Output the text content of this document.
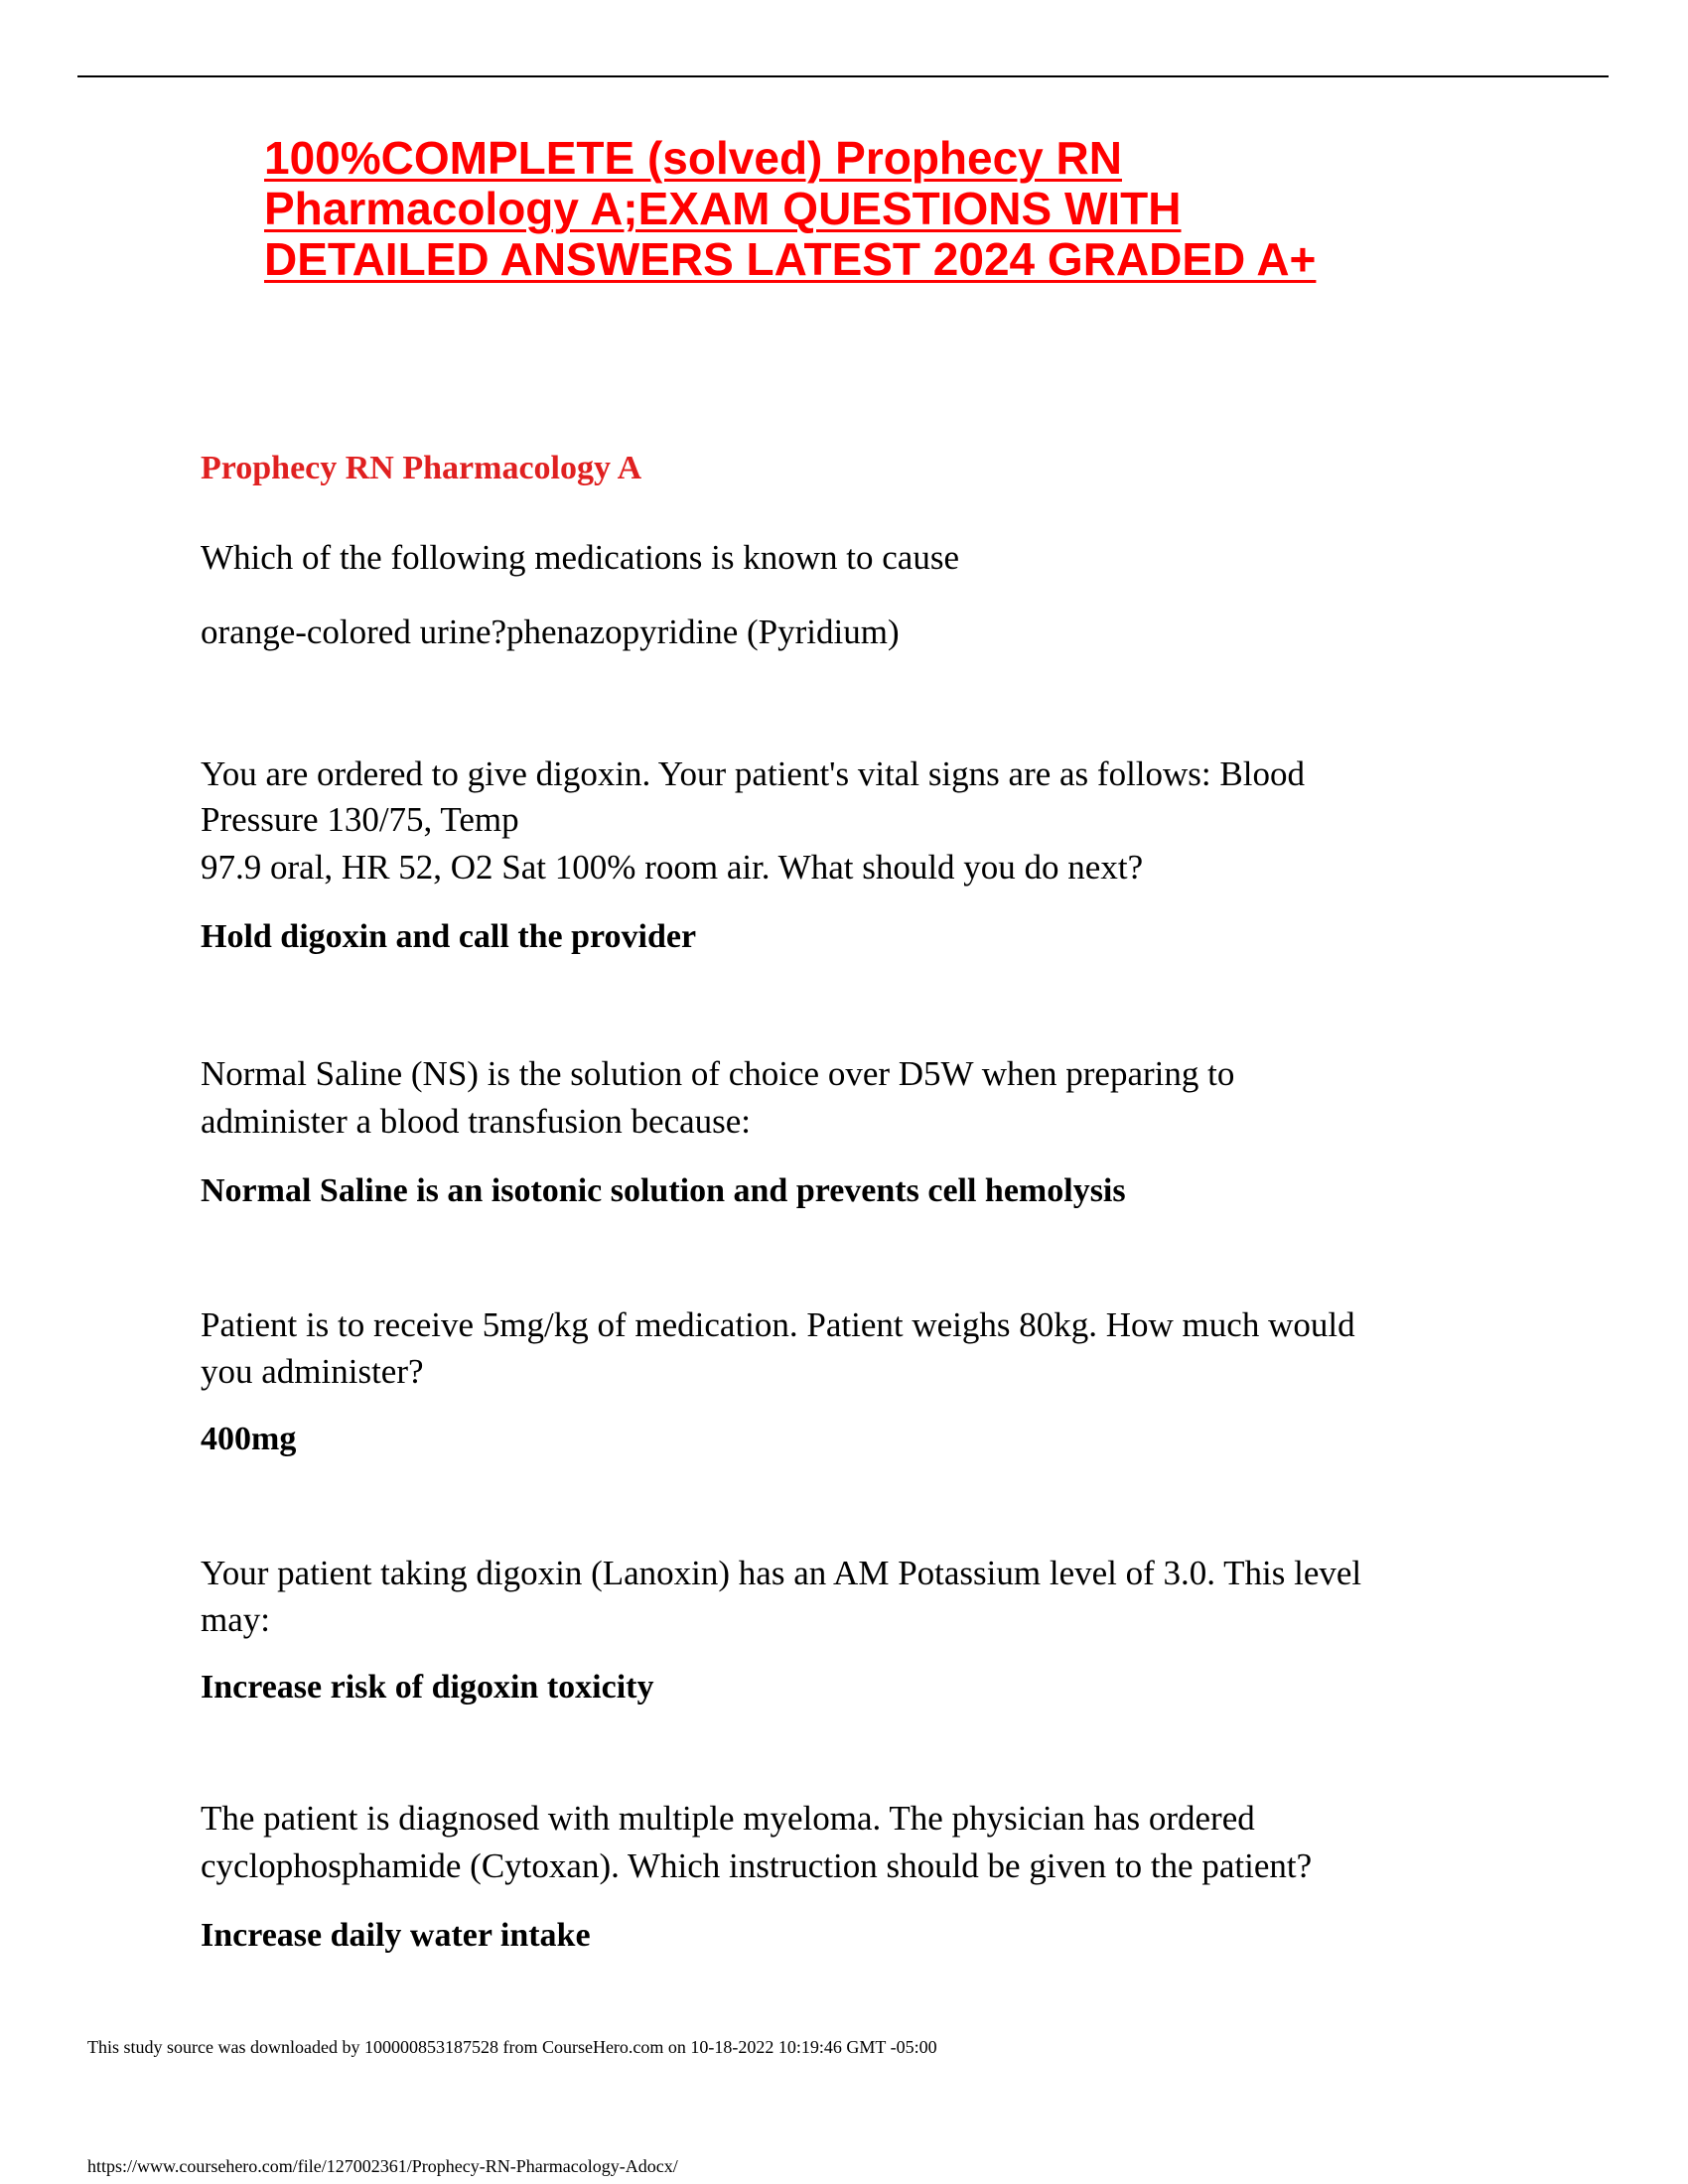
100%COMPLETE (solved) Prophecy RN
Pharmacology A;EXAM QUESTIONS WITH
DETAILED ANSWERS LATEST 2024 GRADED A+
Prophecy RN Pharmacology A

Which of the following medications is known to cause

orange-colored urine?phenazopyridine (Pyridium)

You are ordered to give digoxin. Your patient's vital signs are as follows: Blood

Pressure 130/75, Temp

97.9 oral, HR 52, O2 Sat 100% room air. What should you do next?

Hold digoxin and call the provider

Normal Saline (NS) is the solution of choice over D5W when preparing to

administer a blood transfusion because:

Normal Saline is an isotonic solution and prevents cell hemolysis

Patient is to receive 5mg/kg of medication. Patient weighs 80kg. How much would

you administer?

400mg

Your patient taking digoxin (Lanoxin) has an AM Potassium level of 3.0. This level

may:

Increase risk of digoxin toxicity

The patient is diagnosed with multiple myeloma. The physician has ordered

cyclophosphamide (Cytoxan). Which instruction should be given to the patient?

Increase daily water intake

This study source was downloaded by 100000853187528 from CourseHero.com on 10-18-2022 10:19:46 GMT -05:00

https://www.coursehero.com/file/127002361/Prophecy-RN-Pharmacology-Adocx/
